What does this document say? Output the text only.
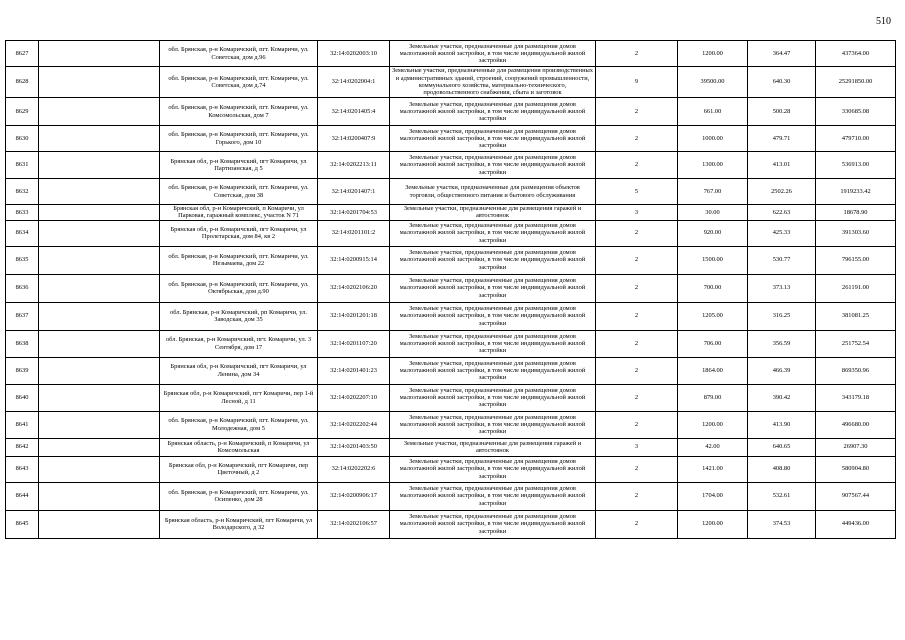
510
8627		обл. Брянская, р-н Комаричский, пгт. Комаричи, ул. Советская, дом д.96	32:14:0202003:10	Земельные участки, предназначенные для размещения домов малоэтажной жилой застройки, в том числе индивидуальной жилой застройки	2	1200.00	364.47	437364.00
8628		обл. Брянская, р-н Комаричский, пгт. Комаричи, ул. Советская, дом д.74	32:14:0202004:1	Земельные участки, предназначенные для размещения производственных и административных зданий, строений, сооружений промышленности, коммунального хозяйства, материально-технического, продовольственного снабжения, сбыта и заготовок	9	39500.00	640.30	25291850.00
8629		обл. Брянская, р-н Комаричский, пгт. Комаричи, ул. Комсомольская, дом 7	32:14:0201405:4	Земельные участки, предназначенные для размещения домов малоэтажной жилой застройки, в том числе индивидуальной жилой застройки	2	661.00	500.28	330685.08
8630		обл. Брянская, р-н Комаричский, пгт. Комаричи, ул. Горького, дом 10	32:14:0200407:9	Земельные участки, предназначенные для размещения домов малоэтажной жилой застройки, в том числе индивидуальной жилой застройки	2	1000.00	479.71	479710.00
8631		Брянская обл, р-н Комаричский, пгт Комаричи, ул Партизанская, д 5	32:14:0202213:11	Земельные участки, предназначенные для размещения домов малоэтажной жилой застройки, в том числе индивидуальной жилой застройки	2	1300.00	413.01	536913.00
8632		обл. Брянская, р-н Комаричский, пгт. Комаричи, ул. Советская, дом 38	32:14:0201407:1	Земельные участки, предназначенные для размещения объектов торговли, общественного питания и бытового обслуживания	5	767.00	2502.26	1919233.42
8633		Брянская обл, р-н Комаричский, п Комаричи, ул Парковая, гаражный комплекс, участок N 71	32:14:0201704:53	Земельные участки, предназначенные для размещения гаражей и автостоянок	3	30.00	622.63	18678.90
8634		Брянская обл, р-н Комаричский, пгт Комаричи, ул Пролетарская, дом 84, кв 2	32:14:0201101:2	Земельные участки, предназначенные для размещения домов малоэтажной жилой застройки, в том числе индивидуальной жилой застройки	2	920.00	425.33	391303.60
8635		обл. Брянская, р-н Комаричский, пгт. Комаричи, ул. Незымаева, дом 22	32:14:0200915:14	Земельные участки, предназначенные для размещения домов малоэтажной жилой застройки, в том числе индивидуальной жилой застройки	2	1500.00	530.77	796155.00
8636		обл. Брянская, р-н Комаричский, пгт. Комаричи, ул. Октябрьская, дом д.90	32:14:0202106:20	Земельные участки, предназначенные для размещения домов малоэтажной жилой застройки, в том числе индивидуальной жилой застройки	2	700.00	373.13	261191.00
8637		обл. Брянская, р-н Комаричский, рп Комаричи, ул. Заводская, дом 35	32:14:0201201:18	Земельные участки, предназначенные для размещения домов малоэтажной жилой застройки, в том числе индивидуальной жилой застройки	2	1205.00	316.25	381081.25
8638		обл. Брянская, р-н Комаричский, пгт. Комаричи, ул. 3 Сентября, дом 17	32:14:0201107:20	Земельные участки, предназначенные для размещения домов малоэтажной жилой застройки, в том числе индивидуальной жилой застройки	2	706.00	356.59	251752.54
8639		Брянская обл, р-н Комаричский, пгт Комаричи, ул Ленина, дом 34	32:14:0201401:23	Земельные участки, предназначенные для размещения домов малоэтажной жилой застройки, в том числе индивидуальной жилой застройки	2	1864.00	466.39	869350.96
8640		Брянская обл, р-н Комаричский, пгт Комаричи, пер 1-й Лесной, д 11	32:14:0202207:10	Земельные участки, предназначенные для размещения домов малоэтажной жилой застройки, в том числе индивидуальной жилой застройки	2	879.00	390.42	343179.18
8641		обл. Брянская, р-н Комаричский, пгт. Комаричи, ул. Молодежная, дом 5	32:14:0202202:44	Земельные участки, предназначенные для размещения домов малоэтажной жилой застройки, в том числе индивидуальной жилой застройки	2	1200.00	413.90	496680.00
8642		Брянская область, р-н Комаричский, п Комаричи, ул Комсомольская	32:14:0201403:50	Земельные участки, предназначенные для размещения гаражей и автостоянок	3	42.00	640.65	26907.30
8643		Брянская обл, р-н Комаричский, пгт Комаричи, пер Цветочный, д 2	32:14:0202202:6	Земельные участки, предназначенные для размещения домов малоэтажной жилой застройки, в том числе индивидуальной жилой застройки	2	1421.00	408.80	580904.80
8644		обл. Брянская, р-н Комаричский, пгт. Комаричи, ул. Осипенко, дом 28	32:14:0200906:17	Земельные участки, предназначенные для размещения домов малоэтажной жилой застройки, в том числе индивидуальной жилой застройки	2	1704.00	532.61	907567.44
8645		Брянская область, р-н Комаричский, пгт Комаричи, ул Володарского, д 32	32:14:0202106:57	Земельные участки, предназначенные для размещения домов малоэтажной жилой застройки, в том числе индивидуальной жилой застройки	2	1200.00	374.53	449436.00
